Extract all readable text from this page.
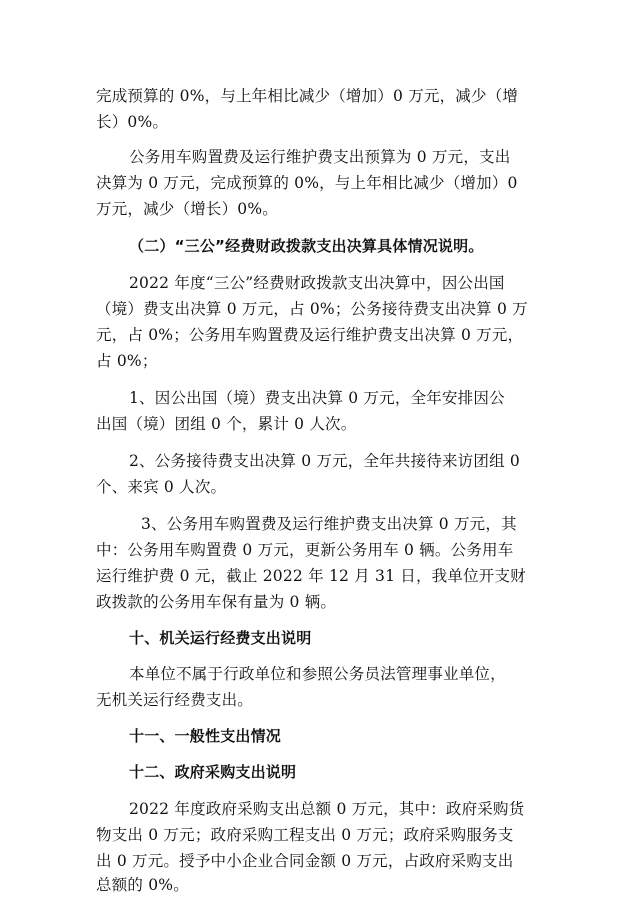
完成预算的 0%，与上年相比减少（增加）0 万元，减少（增
长）0%。
公务用车购置费及运行维护费支出预算为 0 万元，支出
决算为 0 万元，完成预算的 0%，与上年相比减少（增加）0
万元，减少（增长）0%。
（二）“三公”经费财政拨款支出决算具体情况说明。
2022 年度“三公”经费财政拨款支出决算中，因公出国
（境）费支出决算 0 万元，占 0%；公务接待费支出决算 0 万
元，占 0%；公务用车购置费及运行维护费支出决算 0 万元，
占 0%；
1、因公出国（境）费支出决算 0 万元，全年安排因公
出国（境）团组 0 个，累计 0 人次。
2、公务接待费支出决算 0 万元，全年共接待来访团组 0
个、来宾 0 人次。
3、公务用车购置费及运行维护费支出决算 0 万元，其
中：公务用车购置费 0 万元，更新公务用车 0 辆。公务用车
运行维护费 0 元，截止 2022 年 12 月 31 日，我单位开支财
政拨款的公务用车保有量为 0 辆。
十、机关运行经费支出说明
本单位不属于行政单位和参照公务员法管理事业单位，
无机关运行经费支出。
十一、一般性支出情况
十二、政府采购支出说明
2022 年度政府采购支出总额 0 万元，其中：政府采购货
物支出 0 万元；政府采购工程支出 0 万元；政府采购服务支
出 0 万元。授予中小企业合同金额 0 万元，占政府采购支出
总额的 0%。
